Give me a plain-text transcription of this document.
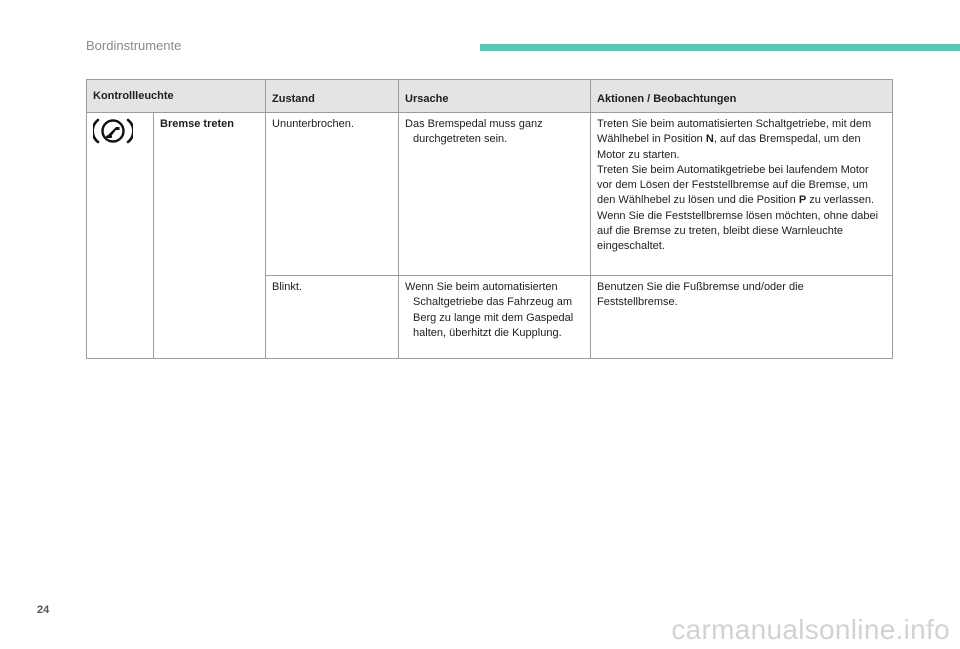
Bordinstrumente
Kontrollleuchte		Zustand	Ursache	Aktionen / Beobachtungen
	Bremse treten	Ununterbrochen.	Das Bremspedal muss ganz durchgetreten sein.	Treten Sie beim automatisierten Schaltgetriebe, mit dem Wählhebel in Position N, auf das Bremspedal, um den Motor zu starten.
Treten Sie beim Automatikgetriebe bei laufendem Motor vor dem Lösen der Feststellbremse auf die Bremse, um den Wählhebel zu lösen und die Position P zu verlassen.
Wenn Sie die Feststellbremse lösen möchten, ohne dabei auf die Bremse zu treten, bleibt diese Warnleuchte eingeschaltet.
		Blinkt.	Wenn Sie beim automatisierten Schaltgetriebe das Fahrzeug am Berg zu lange mit dem Gaspedal halten, überhitzt die Kupplung.	Benutzen Sie die Fußbremse und/oder die Feststellbremse.
24
carmanualsonline.info
